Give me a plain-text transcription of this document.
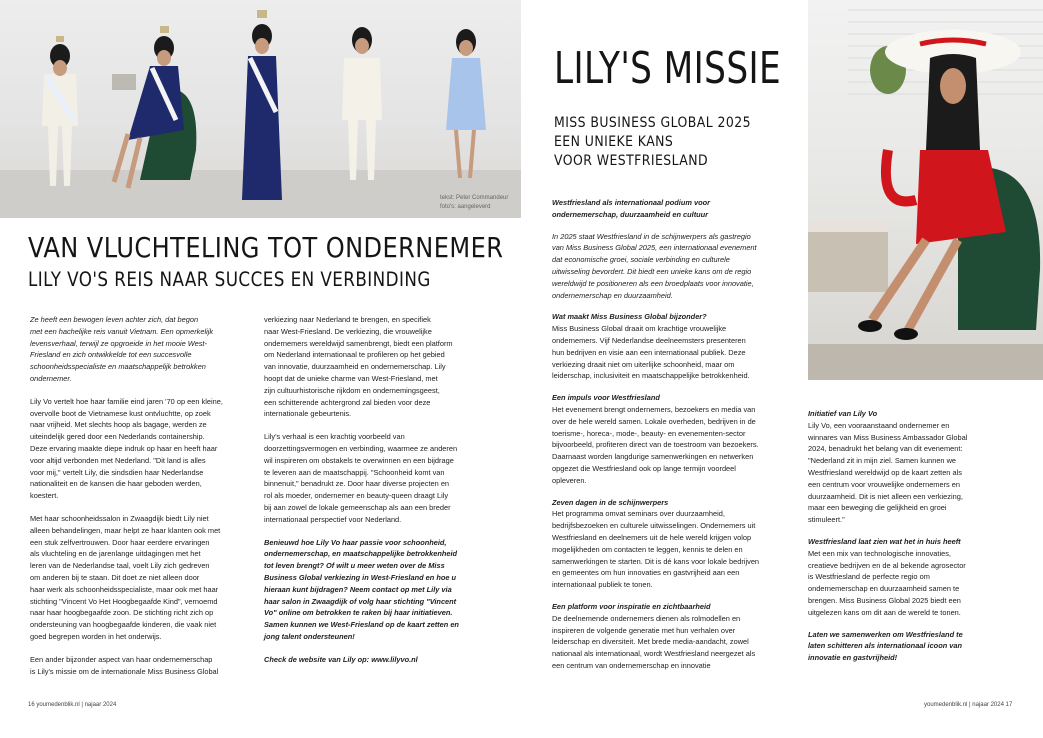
tekst: Peter Commandeur
foto's: aangeleverd
VAN VLUCHTELING TOT ONDERNEMER
LILY VO'S REIS NAAR SUCCES EN VERBINDING

Ze heeft een bewogen leven achter zich, dat begon
met een hachelijke reis vanuit Vietnam. Een opmerkelijk
levensverhaal, terwijl ze opgroeide in het mooie West-
Friesland en zich ontwikkelde tot een succesvolle
schoonheidsspecialiste en maatschappelijk betrokken
ondernemer.

Lily Vo vertelt hoe haar familie eind jaren '70 op een kleine,
overvolle boot de Vietnamese kust ontvluchtte, op zoek
naar vrijheid. Met slechts hoop als bagage, werden ze
uiteindelijk gered door een Nederlands containership.
Deze ervaring maakte diepe indruk op haar en heeft haar
voor altijd verbonden met Nederland. "Dit land is alles
voor mij," vertelt Lily, die sindsdien haar Nederlandse
nationaliteit en de kansen die haar geboden werden,
koestert.

Met haar schoonheidssalon in Zwaagdijk biedt Lily niet
alleen behandelingen, maar helpt ze haar klanten ook met
een stuk zelfvertrouwen. Door haar eerdere ervaringen
als vluchteling en de jarenlange uitdagingen met het
leren van de Nederlandse taal, voelt Lily zich gedreven
om anderen bij te staan. Dit doet ze niet alleen door
haar werk als schoonheidsspecialiste, maar ook met haar
stichting "Vincent Vo Het Hoogbegaafde Kind", vernoemd
naar haar hoogbegaafde zoon. De stichting richt zich op
ondersteuning van hoogbegaafde kinderen, die vaak niet
goed begrepen worden in het onderwijs.

Een ander bijzonder aspect van haar ondernemerschap
is Lily's missie om de internationale Miss Business Global

verkiezing naar Nederland te brengen, en specifiek
naar West-Friesland. De verkiezing, die vrouwelijke
ondernemers wereldwijd samenbrengt, biedt een platform
om Nederland internationaal te profileren op het gebied
van innovatie, duurzaamheid en ondernemerschap. Lily
hoopt dat de unieke charme van West-Friesland, met
zijn cultuurhistorische rijkdom en ondernemingsgeest,
een schitterende achtergrond zal bieden voor deze
internationale gebeurtenis.

Lily's verhaal is een krachtig voorbeeld van
doorzettingsvermogen en verbinding, waarmee ze anderen
wil inspireren om obstakels te overwinnen en een bijdrage
te leveren aan de maatschappij. "Schoonheid komt van
binnenuit," benadrukt ze. Door haar diverse projecten en
rol als moeder, ondernemer en beauty-queen draagt Lily
bij aan zowel de lokale gemeenschap als aan een breder
internationaal perspectief voor Nederland.

Benieuwd hoe Lily Vo haar passie voor schoonheid,
ondernemerschap, en maatschappelijke betrokkenheid
tot leven brengt? Of wilt u meer weten over de Miss
Business Global verkiezing in West-Friesland en hoe u
hieraan kunt bijdragen? Neem contact op met Lily via
haar salon in Zwaagdijk of volg haar stichting "Vincent
Vo" online om betrokken te raken bij haar initiatieven.
Samen kunnen we West-Friesland op de kaart zetten en
jong talent ondersteunen!

Check de website van Lily op: www.lilyvo.nl

16 youmedenblik.nl | najaar 2024
LILY'S MISSIE
MISS BUSINESS GLOBAL 2025
EEN UNIEKE KANS
VOOR WESTFRIESLAND

Westfriesland als internationaal podium voor
ondernemerschap, duurzaamheid en cultuur

In 2025 staat Westfriesland in de schijnwerpers als gastregio
van Miss Business Global 2025, een internationaal evenement
dat economische groei, sociale verbinding en culturele
uitwisseling bevordert. Dit biedt een unieke kans om de regio
wereldwijd te positioneren als een broedplaats voor innovatie,
ondernemerschap en duurzaamheid.

Wat maakt Miss Business Global bijzonder?

Miss Business Global draait om krachtige vrouwelijke
ondernemers. Vijf Nederlandse deelneemsters presenteren
hun bedrijven en visie aan een internationaal publiek. Deze
verkiezing draait niet om uiterlijke schoonheid, maar om
leiderschap, inclusiviteit en maatschappelijke betrokkenheid.

Een impuls voor Westfriesland

Het evenement brengt ondernemers, bezoekers en media van
over de hele wereld samen. Lokale overheden, bedrijven in de
toerisme-, horeca-, mode-, beauty- en evenementen-sector
bijvoorbeeld, profiteren direct van de toestroom van bezoekers.
Daarnaast worden langdurige samenwerkingen en netwerken
opgezet die Westfriesland ook op lange termijn voordeel
opleveren.

Zeven dagen in de schijnwerpers

Het programma omvat seminars over duurzaamheid,
bedrijfsbezoeken en culturele uitwisselingen. Ondernemers uit
Westfriesland en deelnemers uit de hele wereld krijgen volop
mogelijkheden om contacten te leggen, kennis te delen en
samenwerkingen te starten. Dit is dé kans voor lokale bedrijven
en gemeentes om hun innovaties en gastvrijheid aan een
internationaal publiek te tonen.

Een platform voor inspiratie en zichtbaarheid

De deelnemende ondernemers dienen als rolmodellen en
inspireren de volgende generatie met hun verhalen over
leiderschap en diversiteit. Met brede media-aandacht, zowel
nationaal als internationaal, wordt Westfriesland neergezet als
een centrum van ondernemerschap en innovatie

Initiatief van Lily Vo

Lily Vo, een vooraanstaand ondernemer en
winnares van Miss Business Ambassador Global
2024, benadrukt het belang van dit evenement:
"Nederland zit in mijn ziel. Samen kunnen we
Westfriesland wereldwijd op de kaart zetten als
een centrum voor vrouwelijke ondernemers en
duurzaamheid. Dit is niet alleen een verkiezing,
maar een beweging die gelijkheid en groei
stimuleert."

Westfriesland laat zien wat het in huis heeft

Met een mix van technologische innovaties,
creatieve bedrijven en de al bekende agrosector
is Westfriesland de perfecte regio om
ondernemerschap en duurzaamheid samen te
brengen. Miss Business Global 2025 biedt een
uitgelezen kans om dit aan de wereld te tonen.

Laten we samenwerken om Westfriesland te
laten schitteren als internationaal icoon van
innovatie en gastvrijheid!

youmedenblik.nl | najaar 2024 17
